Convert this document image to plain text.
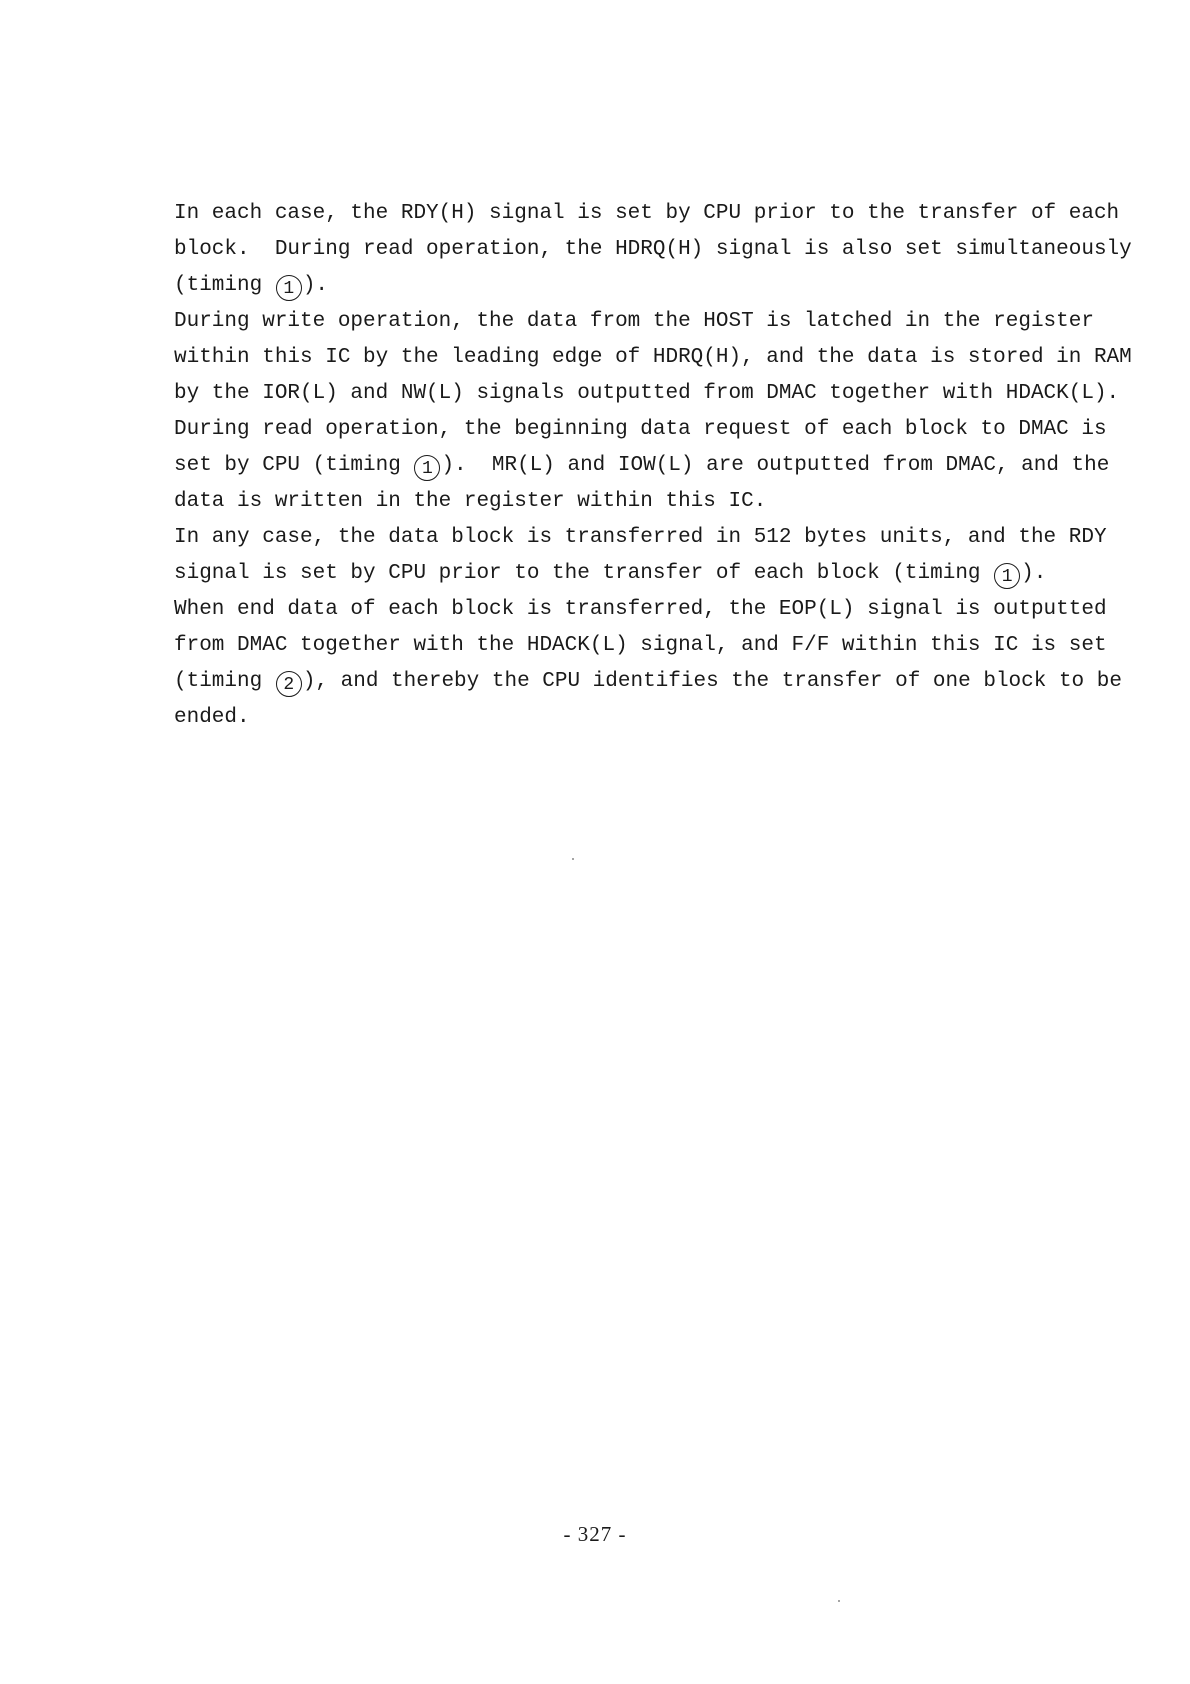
In each case, the RDY(H) signal is set by CPU prior to the transfer of each
block.  During read operation, the HDRQ(H) signal is also set simultaneously
(timing 1 ).
During write operation, the data from the HOST is latched in the register
within this IC by the leading edge of HDRQ(H), and the data is stored in RAM
by the IOR(L) and NW(L) signals outputted from DMAC together with HDACK(L).
During read operation, the beginning data request of each block to DMAC is
set by CPU (timing 1 ).  MR(L) and IOW(L) are outputted from DMAC, and the
data is written in the register within this IC.
In any case, the data block is transferred in 512 bytes units, and the RDY
signal is set by CPU prior to the transfer of each block (timing 1 ).
When end data of each block is transferred, the EOP(L) signal is outputted
from DMAC together with the HDACK(L) signal, and F/F within this IC is set
(timing 2 ), and thereby the CPU identifies the transfer of one block to be
ended.
- 327 -
